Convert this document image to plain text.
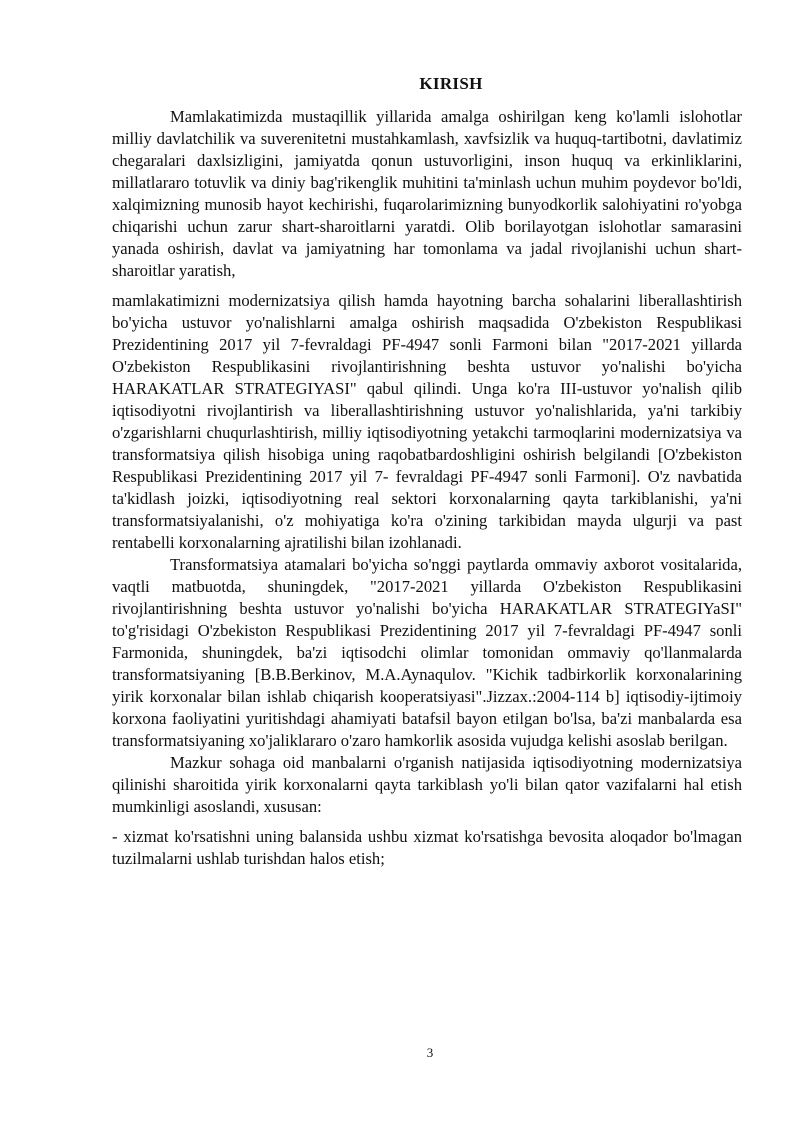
KIRISH

Mamlakatimizda mustaqillik yillarida amalga oshirilgan keng ko'lamli islohotlar milliy davlatchilik va suverenitetni mustahkamlash, xavfsizlik va huquq-tartibotni, davlatimiz chegaralari daxlsizligini, jamiyatda qonun ustuvorligini, inson huquq va erkinliklarini, millatlararo totuvlik va diniy bag'rikenglik muhitini ta'minlash uchun muhim poydevor bo'ldi, xalqimizning munosib hayot kechirishi, fuqarolarimizning bunyodkorlik salohiyatini ro'yobga chiqarishi uchun zarur shart-sharoitlarni yaratdi. Olib borilayotgan islohotlar samarasini yanada oshirish, davlat va jamiyatning har tomonlama va jadal rivojlanishi uchun shart-sharoitlar yaratish,

mamlakatimizni modernizatsiya qilish hamda hayotning barcha sohalarini liberallashtirish bo'yicha ustuvor yo'nalishlarni amalga oshirish maqsadida O'zbekiston Respublikasi Prezidentining 2017 yil 7-fevraldagi PF-4947 sonli Farmoni bilan "2017-2021 yillarda O'zbekiston Respublikasini rivojlantirishning beshta ustuvor yo'nalishi bo'yicha HARAKATLAR STRATEGIYASI" qabul qilindi. Unga ko'ra III-ustuvor yo'nalish qilib iqtisodiyotni rivojlantirish va liberallashtirishning ustuvor yo'nalishlarida, ya'ni tarkibiy o'zgarishlarni chuqurlashtirish, milliy iqtisodiyotning yetakchi tarmoqlarini modernizatsiya va transformatsiya qilish hisobiga uning raqobatbardoshligini oshirish belgilandi [O'zbekiston Respublikasi Prezidentining 2017 yil 7- fevraldagi PF-4947 sonli Farmoni]. O'z navbatida ta'kidlash joizki, iqtisodiyotning real sektori korxonalarning qayta tarkiblanishi, ya'ni transformatsiyalanishi, o'z mohiyatiga ko'ra o'zining tarkibidan mayda ulgurji va past rentabelli korxonalarning ajratilishi bilan izohlanadi.

Transformatsiya atamalari bo'yicha so'nggi paytlarda ommaviy axborot vositalarida, vaqtli matbuotda, shuningdek, "2017-2021 yillarda O'zbekiston Respublikasini rivojlantirishning beshta ustuvor yo'nalishi bo'yicha HARAKATLAR STRATEGIYaSI" to'g'risidagi O'zbekiston Respublikasi Prezidentining 2017 yil 7-fevraldagi PF-4947 sonli Farmonida, shuningdek, ba'zi iqtisodchi olimlar tomonidan ommaviy qo'llanmalarda transformatsiyaning [B.B.Berkinov, M.A.Aynaqulov. "Kichik tadbirkorlik korxonalarining yirik korxonalar bilan ishlab chiqarish kooperatsiyasi".Jizzax.:2004-114 b] iqtisodiy-ijtimoiy korxona faoliyatini yuritishdagi ahamiyati batafsil bayon etilgan bo'lsa, ba'zi manbalarda esa transformatsiyaning xo'jaliklararo o'zaro hamkorlik asosida vujudga kelishi asoslab berilgan.

Mazkur sohaga oid manbalarni o'rganish natijasida iqtisodiyotning modernizatsiya qilinishi sharoitida yirik korxonalarni qayta tarkiblash yo'li bilan qator vazifalarni hal etish mumkinligi asoslandi, xususan:

- xizmat ko'rsatishni uning balansida ushbu xizmat ko'rsatishga bevosita aloqador bo'lmagan tuzilmalarni ushlab turishdan halos etish;

3
